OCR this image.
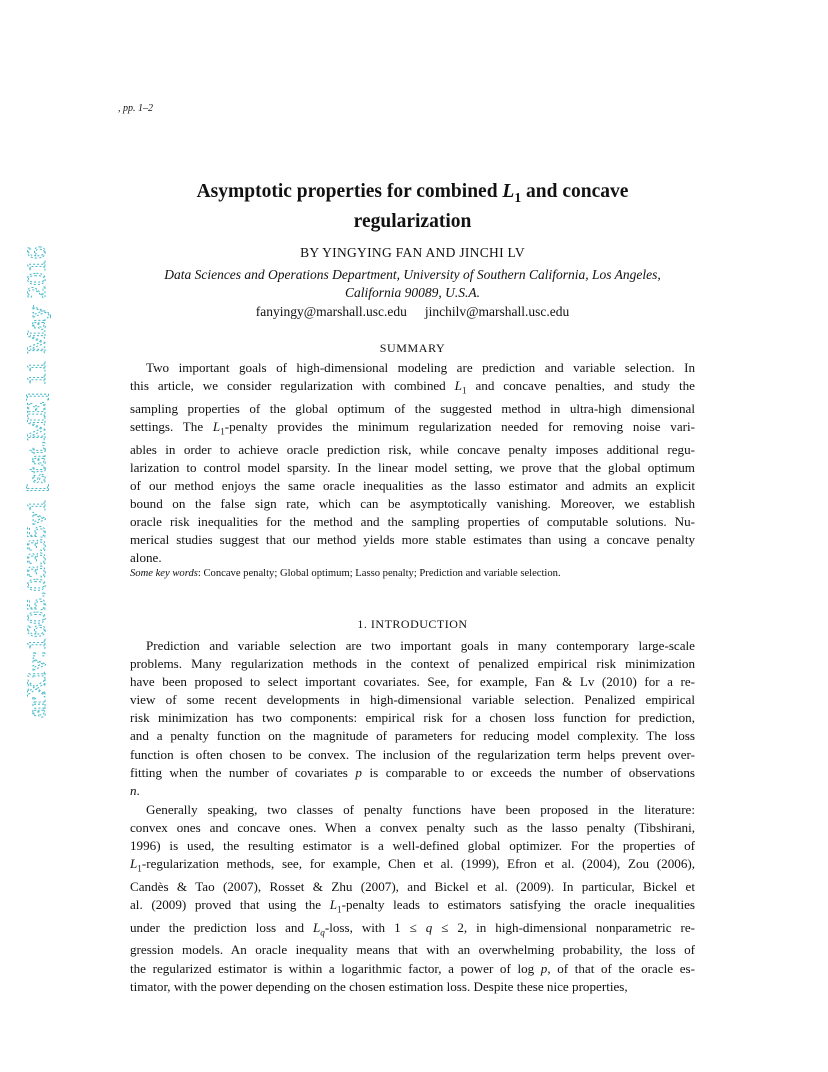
arXiv:1605.03335v1 [stat.ME] 11 May 2016
, pp. 1–2
Asymptotic properties for combined $L_1$ and concave
regularization
BY YINGYING FAN AND JINCHI LV
Data Sciences and Operations Department, University of Southern California, Los Angeles,
California 90089, U.S.A.
fanyingy@marshall.usc.edu jinchilv@marshall.usc.edu
SUMMARY
Two important goals of high-dimensional modeling are prediction and variable selection. In
this article, we consider regularization with combined $L_1$ and concave penalties, and study the
sampling properties of the global optimum of the suggested method in ultra-high dimensional
settings. The $L_1$-penalty provides the minimum regularization needed for removing noise vari-
ables in order to achieve oracle prediction risk, while concave penalty imposes additional regu-
larization to control model sparsity. In the linear model setting, we prove that the global optimum
of our method enjoys the same oracle inequalities as the lasso estimator and admits an explicit
bound on the false sign rate, which can be asymptotically vanishing. Moreover, we establish
oracle risk inequalities for the method and the sampling properties of computable solutions. Nu-
merical studies suggest that our method yields more stable estimates than using a concave penalty
alone.
Some key words: Concave penalty; Global optimum; Lasso penalty; Prediction and variable selection.
1. INTRODUCTION
Prediction and variable selection are two important goals in many contemporary large-scale
problems. Many regularization methods in the context of penalized empirical risk minimization
have been proposed to select important covariates. See, for example, Fan & Lv (2010) for a re-
view of some recent developments in high-dimensional variable selection. Penalized empirical
risk minimization has two components: empirical risk for a chosen loss function for prediction,
and a penalty function on the magnitude of parameters for reducing model complexity. The loss
function is often chosen to be convex. The inclusion of the regularization term helps prevent over-
fitting when the number of covariates p is comparable to or exceeds the number of observations
n.
Generally speaking, two classes of penalty functions have been proposed in the literature:
convex ones and concave ones. When a convex penalty such as the lasso penalty (Tibshirani,
1996) is used, the resulting estimator is a well-defined global optimizer. For the properties of
$L_1$-regularization methods, see, for example, Chen et al. (1999), Efron et al. (2004), Zou (2006),
Candès & Tao (2007), Rosset & Zhu (2007), and Bickel et al. (2009). In particular, Bickel et
al. (2009) proved that using the $L_1$-penalty leads to estimators satisfying the oracle inequalities
under the prediction loss and $L_q$-loss, with 1 ≤ q ≤ 2, in high-dimensional nonparametric re-
gression models. An oracle inequality means that with an overwhelming probability, the loss of
the regularized estimator is within a logarithmic factor, a power of log p, of that of the oracle es-
timator, with the power depending on the chosen estimation loss. Despite these nice properties,
